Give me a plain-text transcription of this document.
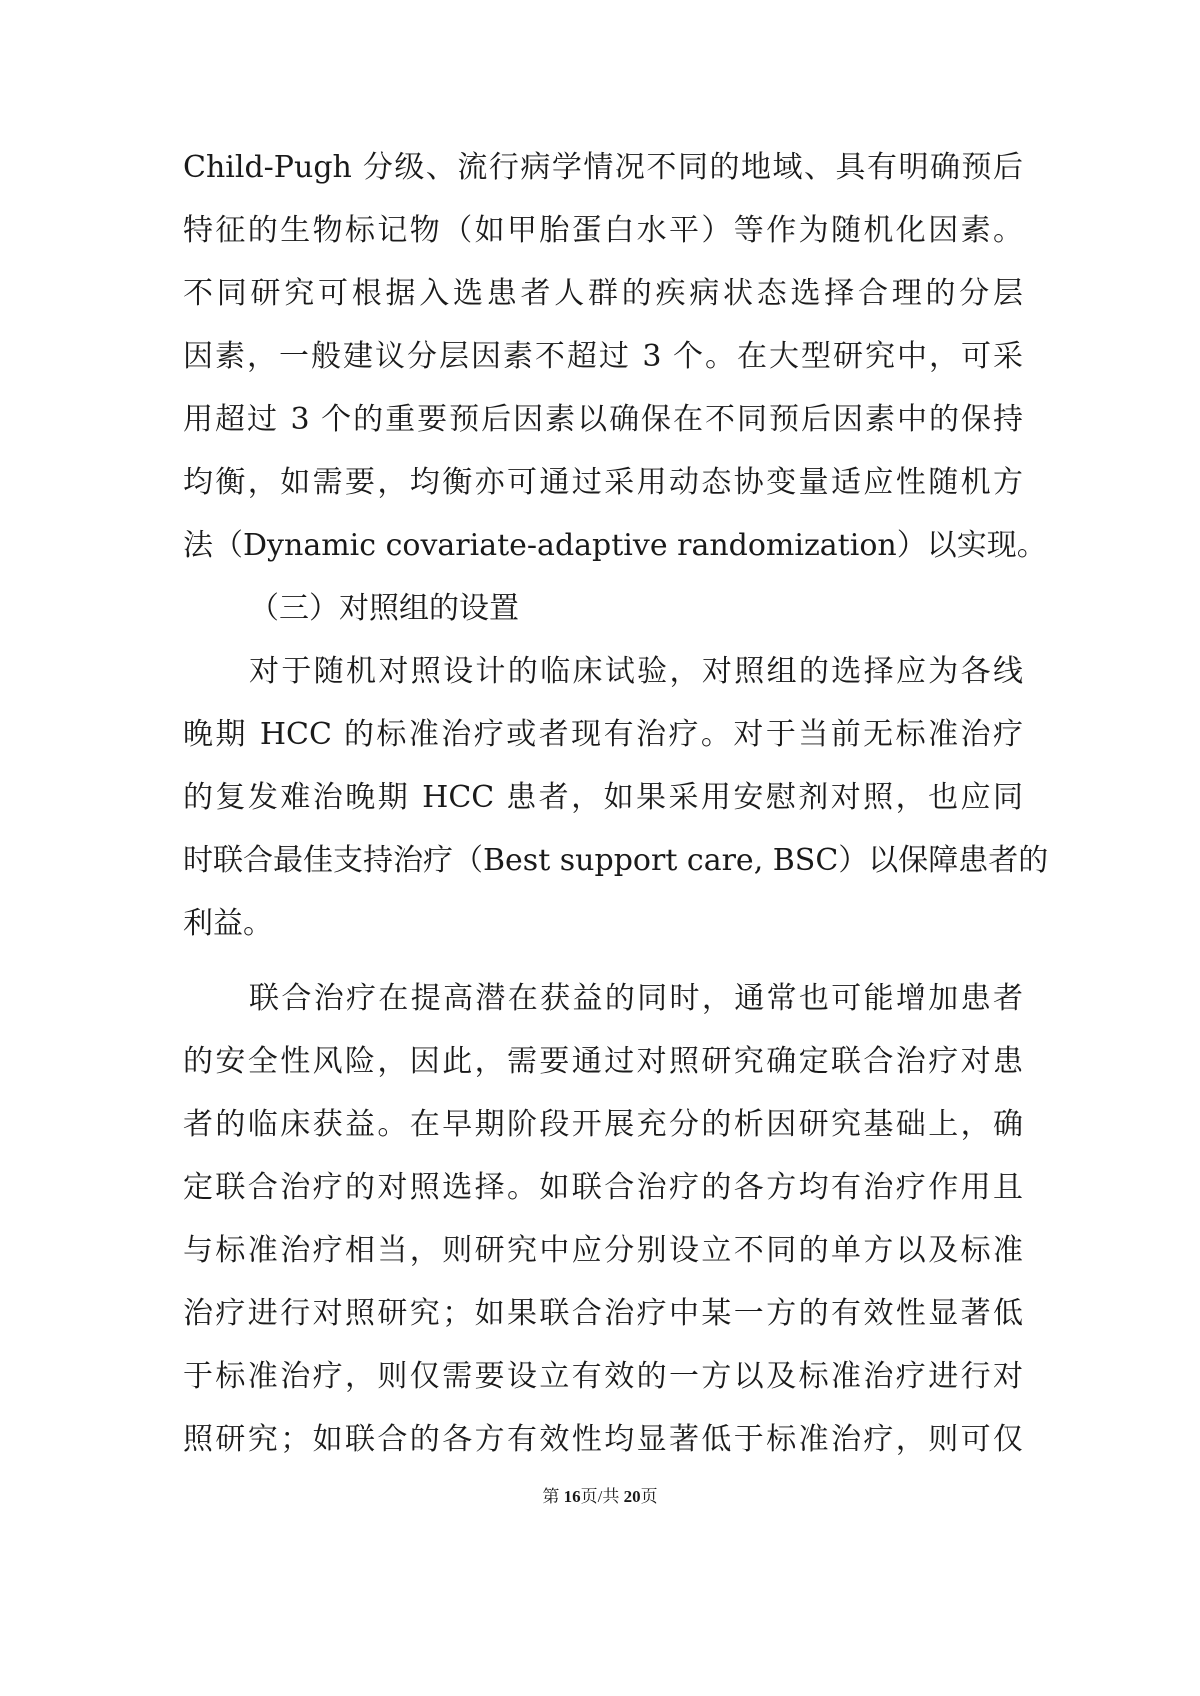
Child-Pugh 分级、流行病学情况不同的地域、具有明确预后
特征的生物标记物（如甲胎蛋白水平）等作为随机化因素。
不同研究可根据入选患者人群的疾病状态选择合理的分层
因素，一般建议分层因素不超过 3 个。在大型研究中，可采
用超过 3 个的重要预后因素以确保在不同预后因素中的保持
均衡，如需要，均衡亦可通过采用动态协变量适应性随机方
法（Dynamic covariate-adaptive randomization）以实现。
（三）对照组的设置
对于随机对照设计的临床试验，对照组的选择应为各线
晚期 HCC 的标准治疗或者现有治疗。对于当前无标准治疗
的复发难治晚期 HCC 患者，如果采用安慰剂对照，也应同
时联合最佳支持治疗（Best support care, BSC）以保障患者的
利益。
联合治疗在提高潜在获益的同时，通常也可能增加患者
的安全性风险，因此，需要通过对照研究确定联合治疗对患
者的临床获益。在早期阶段开展充分的析因研究基础上，确
定联合治疗的对照选择。如联合治疗的各方均有治疗作用且
与标准治疗相当，则研究中应分别设立不同的单方以及标准
治疗进行对照研究；如果联合治疗中某一方的有效性显著低
于标准治疗，则仅需要设立有效的一方以及标准治疗进行对
照研究；如联合的各方有效性均显著低于标准治疗，则可仅
第 16页/共 20页
